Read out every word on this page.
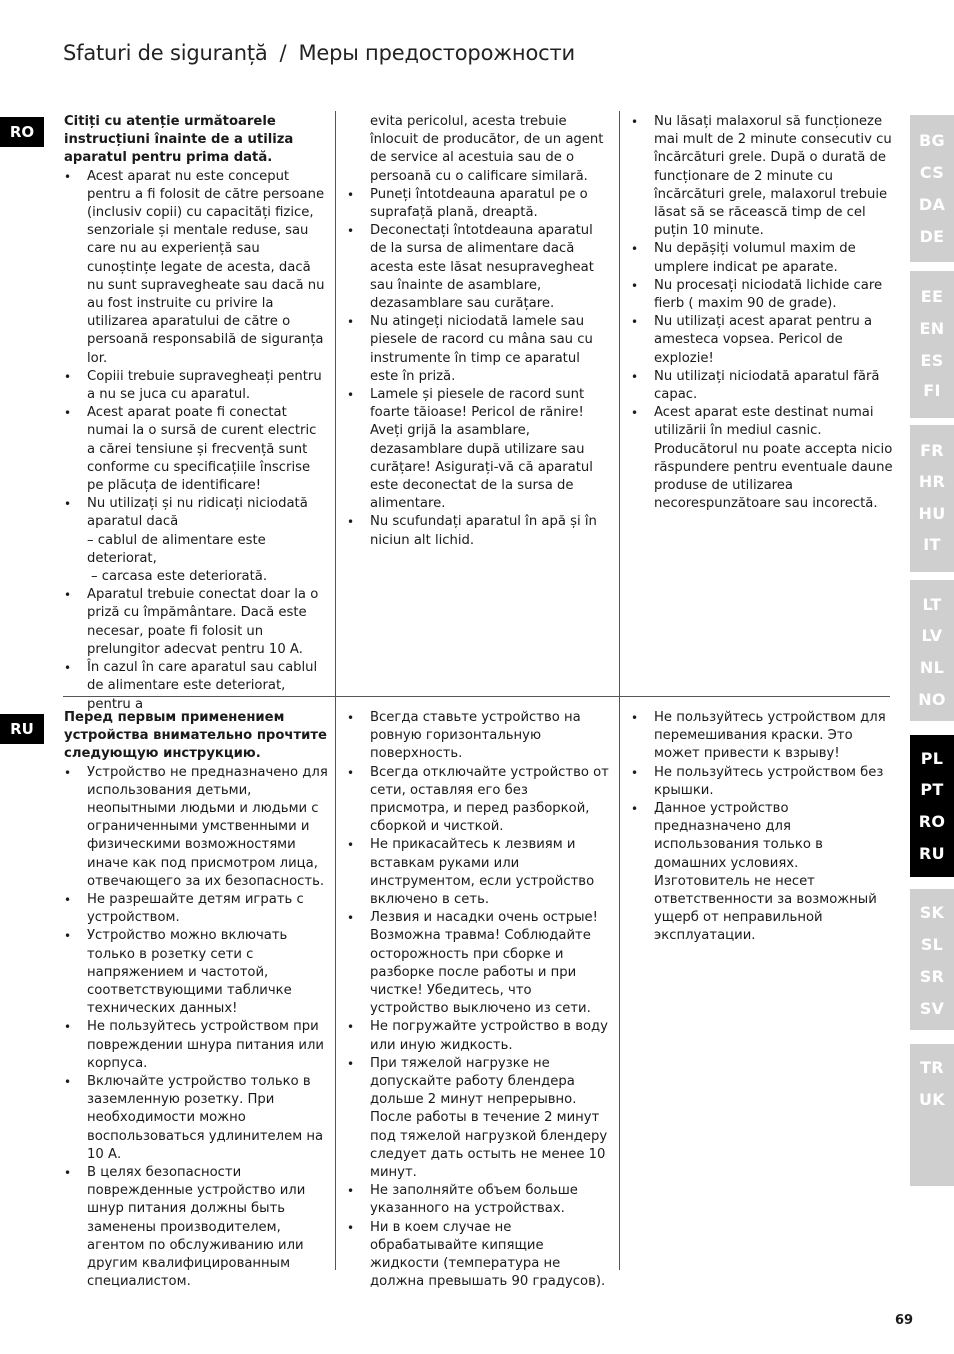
Sfaturi de siguranță / Меры предосторожности
RO
RU

Citiți cu atenție următoarele instrucțiuni înainte de a utiliza aparatul pentru prima dată.

• Acest aparat nu este conceput pentru a fi folosit de către persoane (inclusiv copii) cu capacități fizice, senzoriale și mentale reduse, sau care nu au experiență sau cunoștințe legate de acesta, dacă nu sunt supravegheate sau dacă nu au fost instruite cu privire la utilizarea aparatului de către o persoană responsabilă de siguranța lor.
• Copiii trebuie supravegheați pentru a nu se juca cu aparatul.
• Acest aparat poate fi conectat numai la o sursă de curent electric a cărei tensiune și frecvență sunt conforme cu specificațiile înscrise pe plăcuța de identificare!
• Nu utilizați și nu ridicați niciodată aparatul dacă
– cablul de alimentare este deteriorat,
– carcasa este deteriorată.
• Aparatul trebuie conectat doar la o priză cu împământare. Dacă este necesar, poate fi folosit un prelungitor adecvat pentru 10 A.
• În cazul în care aparatul sau cablul de alimentare este deteriorat, pentru a

evita pericolul, acesta trebuie înlocuit de producător, de un agent de service al acestuia sau de o persoană cu o calificare similară.

• Puneți întotdeauna aparatul pe o suprafață plană, dreaptă.
• Deconectați întotdeauna aparatul de la sursa de alimentare dacă acesta este lăsat nesupravegheat sau înainte de asamblare, dezasamblare sau curățare.
• Nu atingeți niciodată lamele sau piesele de racord cu mâna sau cu instrumente în timp ce aparatul este în priză.
• Lamele și piesele de racord sunt foarte tăioase! Pericol de rănire! Aveți grijă la asamblare, dezasamblare după utilizare sau curățare! Asigurați-vă că aparatul este deconectat de la sursa de alimentare.
• Nu scufundați aparatul în apă și în niciun alt lichid.
• Nu lăsați malaxorul să funcționeze mai mult de 2 minute consecutiv cu încărcături grele. După o durată de funcționare de 2 minute cu încărcături grele, malaxorul trebuie lăsat să se răcească timp de cel puțin 10 minute.
• Nu depășiți volumul maxim de umplere indicat pe aparate.
• Nu procesați niciodată lichide care fierb ( maxim 90 de grade).
• Nu utilizați acest aparat pentru a amesteca vopsea. Pericol de explozie!
• Nu utilizați niciodată aparatul fără capac.
• Acest aparat este destinat numai utilizării în mediul casnic. Producătorul nu poate accepta nicio răspundere pentru eventuale daune produse de utilizarea necorespunzătoare sau incorectă.

Перед первым применением устройства внимательно прочтите следующую инструкцию.

• Устройство не предназначено для использования детьми, неопытными людьми и людьми с ограниченными умственными и физическими возможностями иначе как под присмотром лица, отвечающего за их безопасность.
• Не разрешайте детям играть с устройством.
• Устройство можно включать только в розетку сети с напряжением и частотой, соответствующими табличке технических данных!
• Не пользуйтесь устройством при повреждении шнура питания или корпуса.
• Включайте устройство только в заземленную розетку. При необходимости можно воспользоваться удлинителем на 10 А.
• В целях безопасности поврежденные устройство или шнур питания должны быть заменены производителем, агентом по обслуживанию или другим квалифицированным специалистом.
• Всегда ставьте устройство на ровную горизонтальную поверхность.
• Всегда отключайте устройство от сети, оставляя его без присмотра, и перед разборкой, сборкой и чисткой.
• Не прикасайтесь к лезвиям и вставкам руками или инструментом, если устройство включено в сеть.
• Лезвия и насадки очень острые! Возможна травма! Соблюдайте осторожность при сборке и разборке после работы и при чистке! Убедитесь, что устройство выключено из сети.
• Не погружайте устройство в воду или иную жидкость.
• При тяжелой нагрузке не допускайте работу блендера дольше 2 минут непрерывно. После работы в течение 2 минут под тяжелой нагрузкой блендеру следует дать остыть не менее 10 минут.
• Не заполняйте объем больше указанного на устройствах.
• Ни в коем случае не обрабатывайте кипящие жидкости (температура не должна превышать 90 градусов).
• Не пользуйтесь устройством для перемешивания краски. Это может привести к взрыву!
• Не пользуйтесь устройством без крышки.
• Данное устройство предназначено для использования только в домашних условиях. Изготовитель не несет ответственности за возможный ущерб от неправильной эксплуатации.
BG
CS
DA
DE
EE
EN
ES
FI
FR
HR
HU
IT
LT
LV
NL
NO
PL
PT
RO
RU
SK
SL
SR
SV
TR
UK
69
